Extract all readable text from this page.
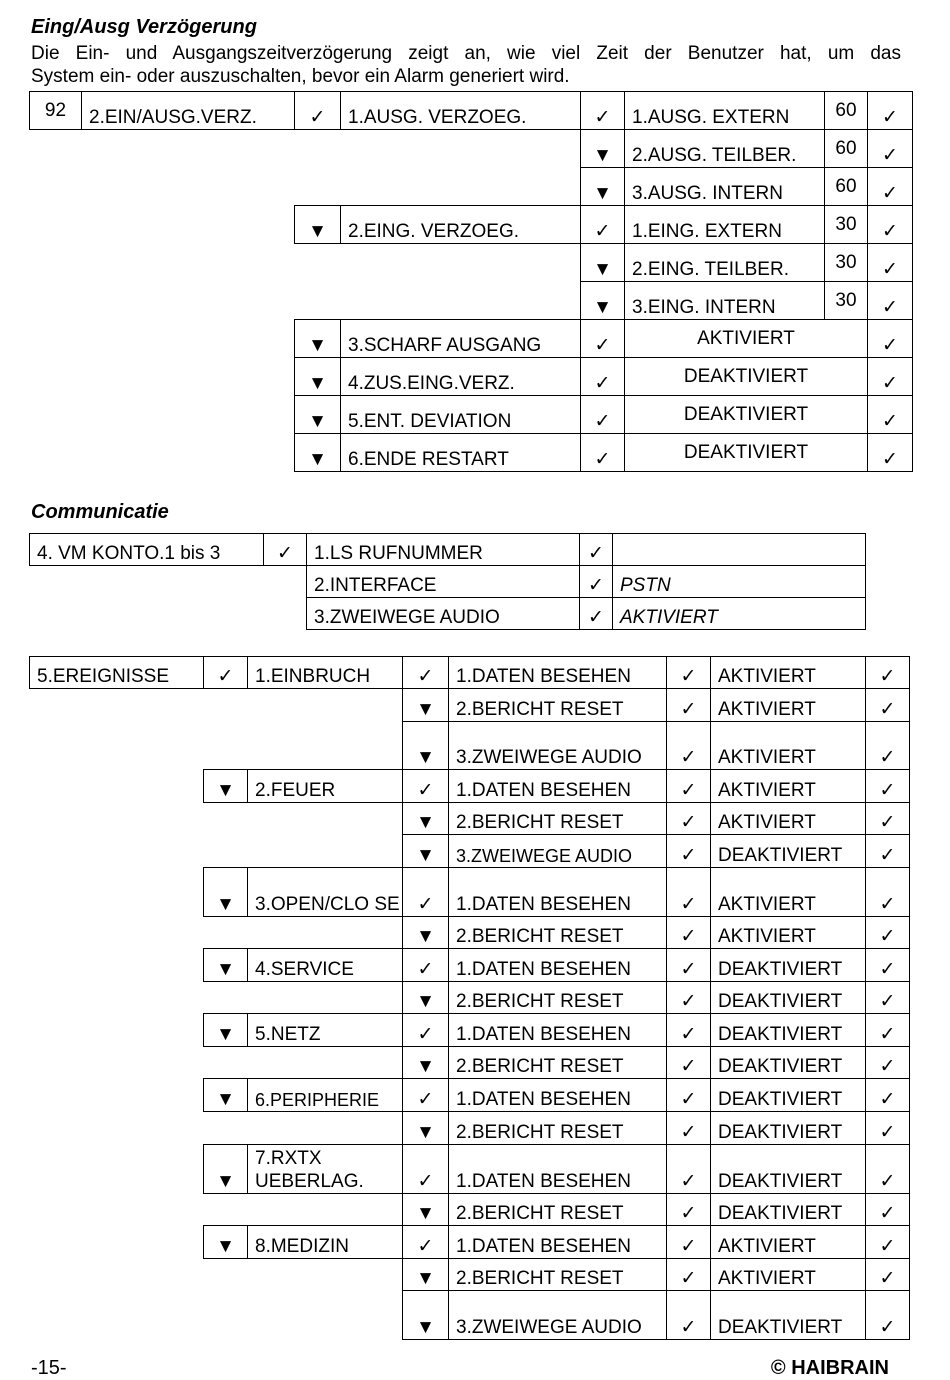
Eing/Ausg Verzögerung
Die Ein- und Ausgangszeitverzögerung zeigt an, wie viel Zeit der Benutzer hat, um das
System ein- oder auszuschalten, bevor ein Alarm generiert wird.
92	2.EIN/AUSG.VERZ.	✓	1.AUSG. VERZOEG.	✓	1.AUSG. EXTERN	60	✓
				▼	2.AUSG. TEILBER.	60	✓
				▼	3.AUSG. INTERN	60	✓
		▼	2.EING. VERZOEG.	✓	1.EING. EXTERN	30	✓
				▼	2.EING. TEILBER.	30	✓
				▼	3.EING. INTERN	30	✓
		▼	3.SCHARF AUSGANG	✓	AKTIVIERT		✓
		▼	4.ZUS.EING.VERZ.	✓	DEAKTIVIERT		✓
		▼	5.ENT. DEVIATION	✓	DEAKTIVIERT		✓
		▼	6.ENDE RESTART	✓	DEAKTIVIERT		✓
Communicatie
4. VM KONTO.1 bis 3	✓	1.LS RUFNUMMER	✓	
		2.INTERFACE	✓	PSTN
		3.ZWEIWEGE AUDIO	✓	AKTIVIERT
5.EREIGNISSE	✓	1.EINBRUCH	✓	1.DATEN BESEHEN	✓	AKTIVIERT	✓
			▼	2.BERICHT RESET	✓	AKTIVIERT	✓
			▼	3.ZWEIWEGE AUDIO	✓	AKTIVIERT	✓
	▼	2.FEUER	✓	1.DATEN BESEHEN	✓	AKTIVIERT	✓
			▼	2.BERICHT RESET	✓	AKTIVIERT	✓
			▼	3.ZWEIWEGE AUDIO	✓	DEAKTIVIERT	✓
	▼	3.OPEN/CLO SE	✓	1.DATEN BESEHEN	✓	AKTIVIERT	✓
			▼	2.BERICHT RESET	✓	AKTIVIERT	✓
	▼	4.SERVICE	✓	1.DATEN BESEHEN	✓	DEAKTIVIERT	✓
			▼	2.BERICHT RESET	✓	DEAKTIVIERT	✓
	▼	5.NETZ	✓	1.DATEN BESEHEN	✓	DEAKTIVIERT	✓
			▼	2.BERICHT RESET	✓	DEAKTIVIERT	✓
	▼	6.PERIPHERIE	✓	1.DATEN BESEHEN	✓	DEAKTIVIERT	✓
			▼	2.BERICHT RESET	✓	DEAKTIVIERT	✓
	▼	7.RXTX UEBERLAG.	✓	1.DATEN BESEHEN	✓	DEAKTIVIERT	✓
			▼	2.BERICHT RESET	✓	DEAKTIVIERT	✓
	▼	8.MEDIZIN	✓	1.DATEN BESEHEN	✓	AKTIVIERT	✓
			▼	2.BERICHT RESET	✓	AKTIVIERT	✓
			▼	3.ZWEIWEGE AUDIO	✓	DEAKTIVIERT	✓
-15-	© HAIBRAIN
